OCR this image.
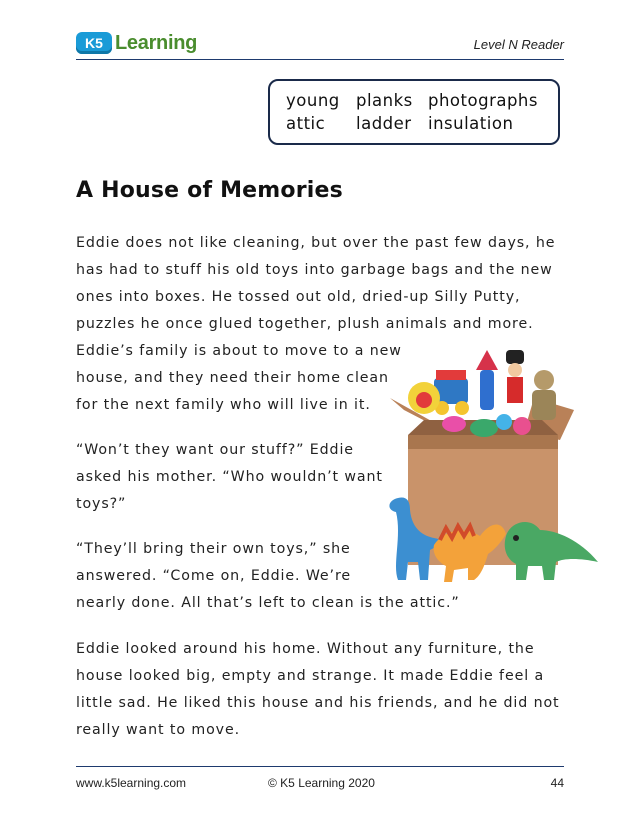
K5 Learning	Level N Reader
young planks photographs
attic	ladder insulation
A House of Memories

Eddie does not like cleaning, but over the past few days, he
has had to stuff his old toys into garbage bags and the new
ones into boxes. He tossed out old, dried-up Silly Putty,
puzzles he once glued together, plush animals and more.
Eddie’s family is about to move to a new
house, and they need their home clean
for the next family who will live in it.

“Won’t they want our stuff?” Eddie
asked his mother. “Who wouldn’t want
toys?”

“They’ll bring their own toys,” she
answered. “Come on, Eddie. We’re
nearly done. All that’s left to clean is the attic.”

Eddie looked around his home. Without any furniture, the
house looked big, empty and strange. It made Eddie feel a
little sad. He liked this house and his friends, and he did not
really want to move.

www.k5learning.com	© K5 Learning 2020	44
